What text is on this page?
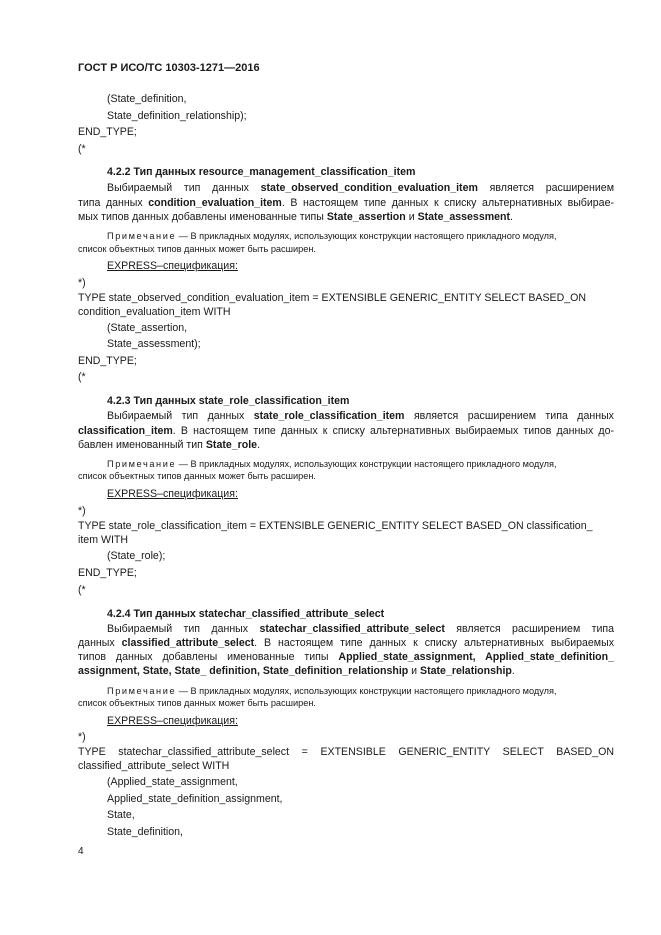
ГОСТ Р ИСО/ТС 10303-1271—2016
(State_definition,
State_definition_relationship);
END_TYPE;
(*
4.2.2 Тип данных resource_management_classification_item
Выбираемый тип данных state_observed_condition_evaluation_item является расширением
типа данных condition_evaluation_item. В настоящем типе данных к списку альтернативных выбирае-
мых типов данных добавлены именованные типы State_assertion и State_assessment.
Примечание — В прикладных модулях, использующих конструкции настоящего прикладного модуля,
список объектных типов данных может быть расширен.
EXPRESS–спецификация:
*)
TYPE state_observed_condition_evaluation_item = EXTENSIBLE GENERIC_ENTITY SELECT BASED_ON
condition_evaluation_item WITH
(State_assertion,
State_assessment);
END_TYPE;
(*
4.2.3 Тип данных state_role_classification_item
Выбираемый тип данных state_role_classification_item является расширением типа данных
classification_item. В настоящем типе данных к списку альтернативных выбираемых типов данных до-
бавлен именованный тип State_role.
Примечание — В прикладных модулях, использующих конструкции настоящего прикладного модуля,
список объектных типов данных может быть расширен.
EXPRESS–спецификация:
*)
TYPE state_role_classification_item = EXTENSIBLE GENERIC_ENTITY SELECT BASED_ON classification_
item WITH
(State_role);
END_TYPE;
(*
4.2.4 Тип данных statechar_classified_attribute_select
Выбираемый тип данных statechar_classified_attribute_select является расширением типа
данных classified_attribute_select. В настоящем типе данных к списку альтернативных выбираемых
типов данных добавлены именованные типы Applied_state_assignment, Applied_state_definition_
assignment, State, State_ definition, State_definition_relationship и State_relationship.
Примечание — В прикладных модулях, использующих конструкции настоящего прикладного модуля,
список объектных типов данных может быть расширен.
EXPRESS–спецификация:
*)
TYPE statechar_classified_attribute_select = EXTENSIBLE GENERIC_ENTITY SELECT BASED_ON
classified_attribute_select WITH
(Applied_state_assignment,
Applied_state_definition_assignment,
State,
State_definition,
4
